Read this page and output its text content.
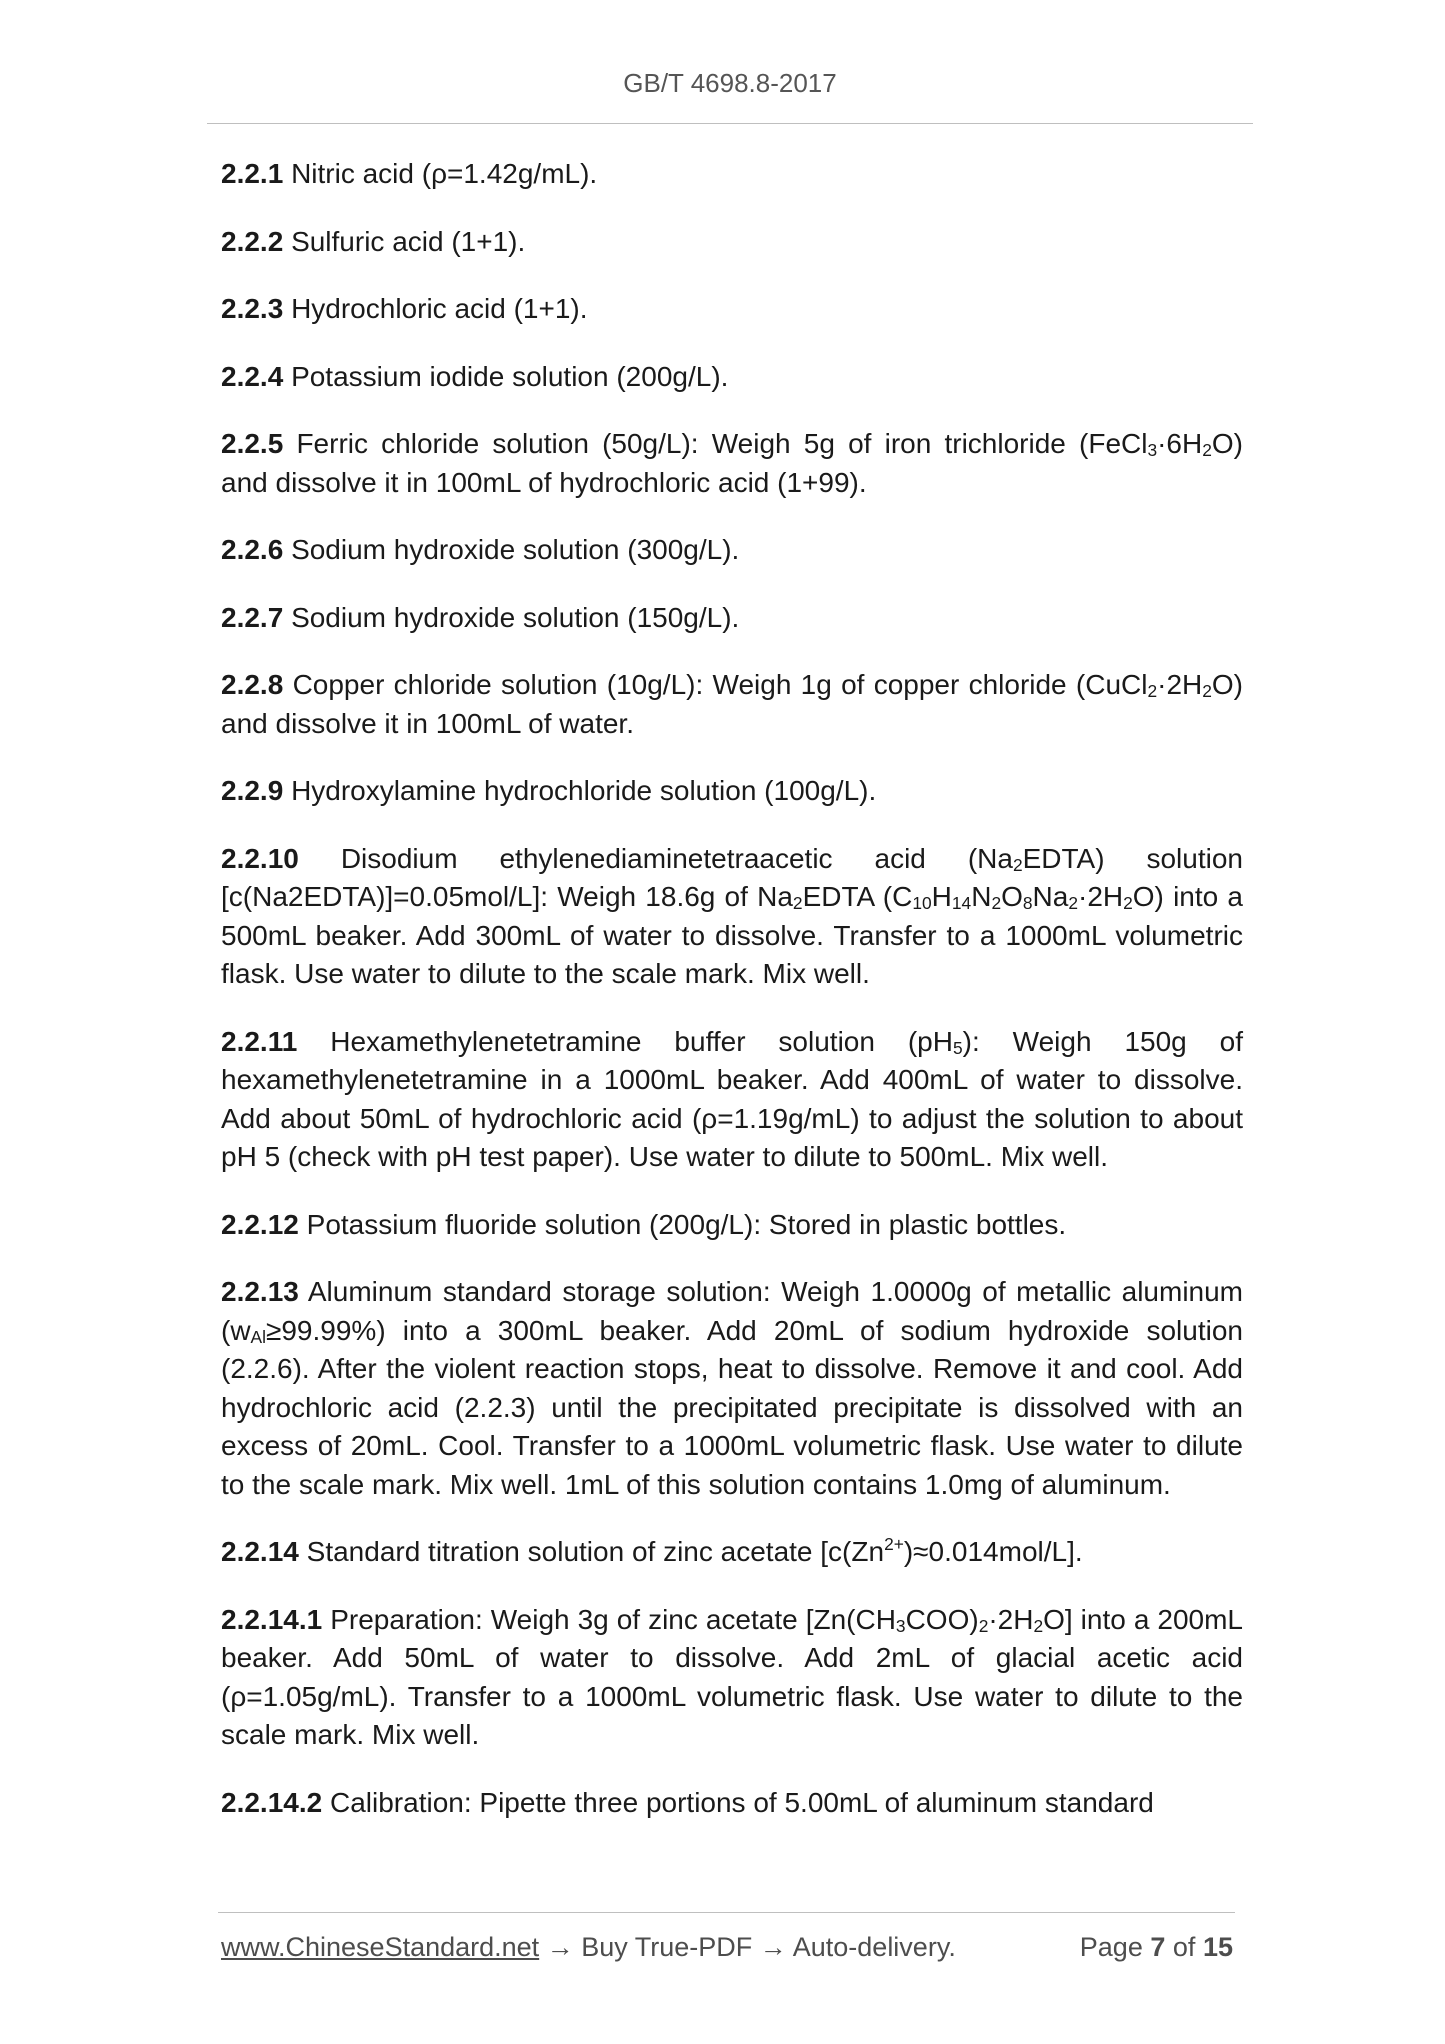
GB/T 4698.8-2017

2.2.1 Nitric acid (ρ=1.42g/mL).

2.2.2 Sulfuric acid (1+1).

2.2.3 Hydrochloric acid (1+1).

2.2.4 Potassium iodide solution (200g/L).

2.2.5 Ferric chloride solution (50g/L): Weigh 5g of iron trichloride $(FeCl_3\cdot 6H_2O)$ and dissolve it in 100mL of hydrochloric acid (1+99).

2.2.6 Sodium hydroxide solution (300g/L).

2.2.7 Sodium hydroxide solution (150g/L).

2.2.8 Copper chloride solution (10g/L): Weigh 1g of copper chloride $(CuCl_2\cdot 2H_2O)$ and dissolve it in 100mL of water.

2.2.9 Hydroxylamine hydrochloride solution (100g/L).

2.2.10 Disodium ethylenediaminetetraacetic acid $(Na_2EDTA)$ solution [c(Na2EDTA)]=0.05mol/L]: Weigh 18.6g of $Na_2EDTA$ $(C_{10}H_{14}N_2O_8Na_2\cdot 2H_2O)$ into a 500mL beaker. Add 300mL of water to dissolve. Transfer to a 1000mL volumetric flask. Use water to dilute to the scale mark. Mix well.

2.2.11 Hexamethylenetetramine buffer solution $(pH_5)$: Weigh 150g of hexamethylenetetramine in a 1000mL beaker. Add 400mL of water to dissolve. Add about 50mL of hydrochloric acid (ρ=1.19g/mL) to adjust the solution to about pH 5 (check with pH test paper). Use water to dilute to 500mL. Mix well.

2.2.12 Potassium fluoride solution (200g/L): Stored in plastic bottles.

2.2.13 Aluminum standard storage solution: Weigh 1.0000g of metallic aluminum $(w_{Al}\ge 99.99\%)$ into a 300mL beaker. Add 20mL of sodium hydroxide solution (2.2.6). After the violent reaction stops, heat to dissolve. Remove it and cool. Add hydrochloric acid (2.2.3) until the precipitated precipitate is dissolved with an excess of 20mL. Cool. Transfer to a 1000mL volumetric flask. Use water to dilute to the scale mark. Mix well. 1mL of this solution contains 1.0mg of aluminum.

2.2.14 Standard titration solution of zinc acetate $[c(Zn^{2+})\approx 0.014mol/L]$.

2.2.14.1 Preparation: Weigh 3g of zinc acetate $[Zn(CH_3COO)_2\cdot 2H_2O]$ into a 200mL beaker. Add 50mL of water to dissolve. Add 2mL of glacial acetic acid (ρ=1.05g/mL). Transfer to a 1000mL volumetric flask. Use water to dilute to the scale mark. Mix well.

2.2.14.2 Calibration: Pipette three portions of 5.00mL of aluminum standard

www.ChineseStandard.net → Buy True-PDF → Auto-delivery.	Page 7 of 15
